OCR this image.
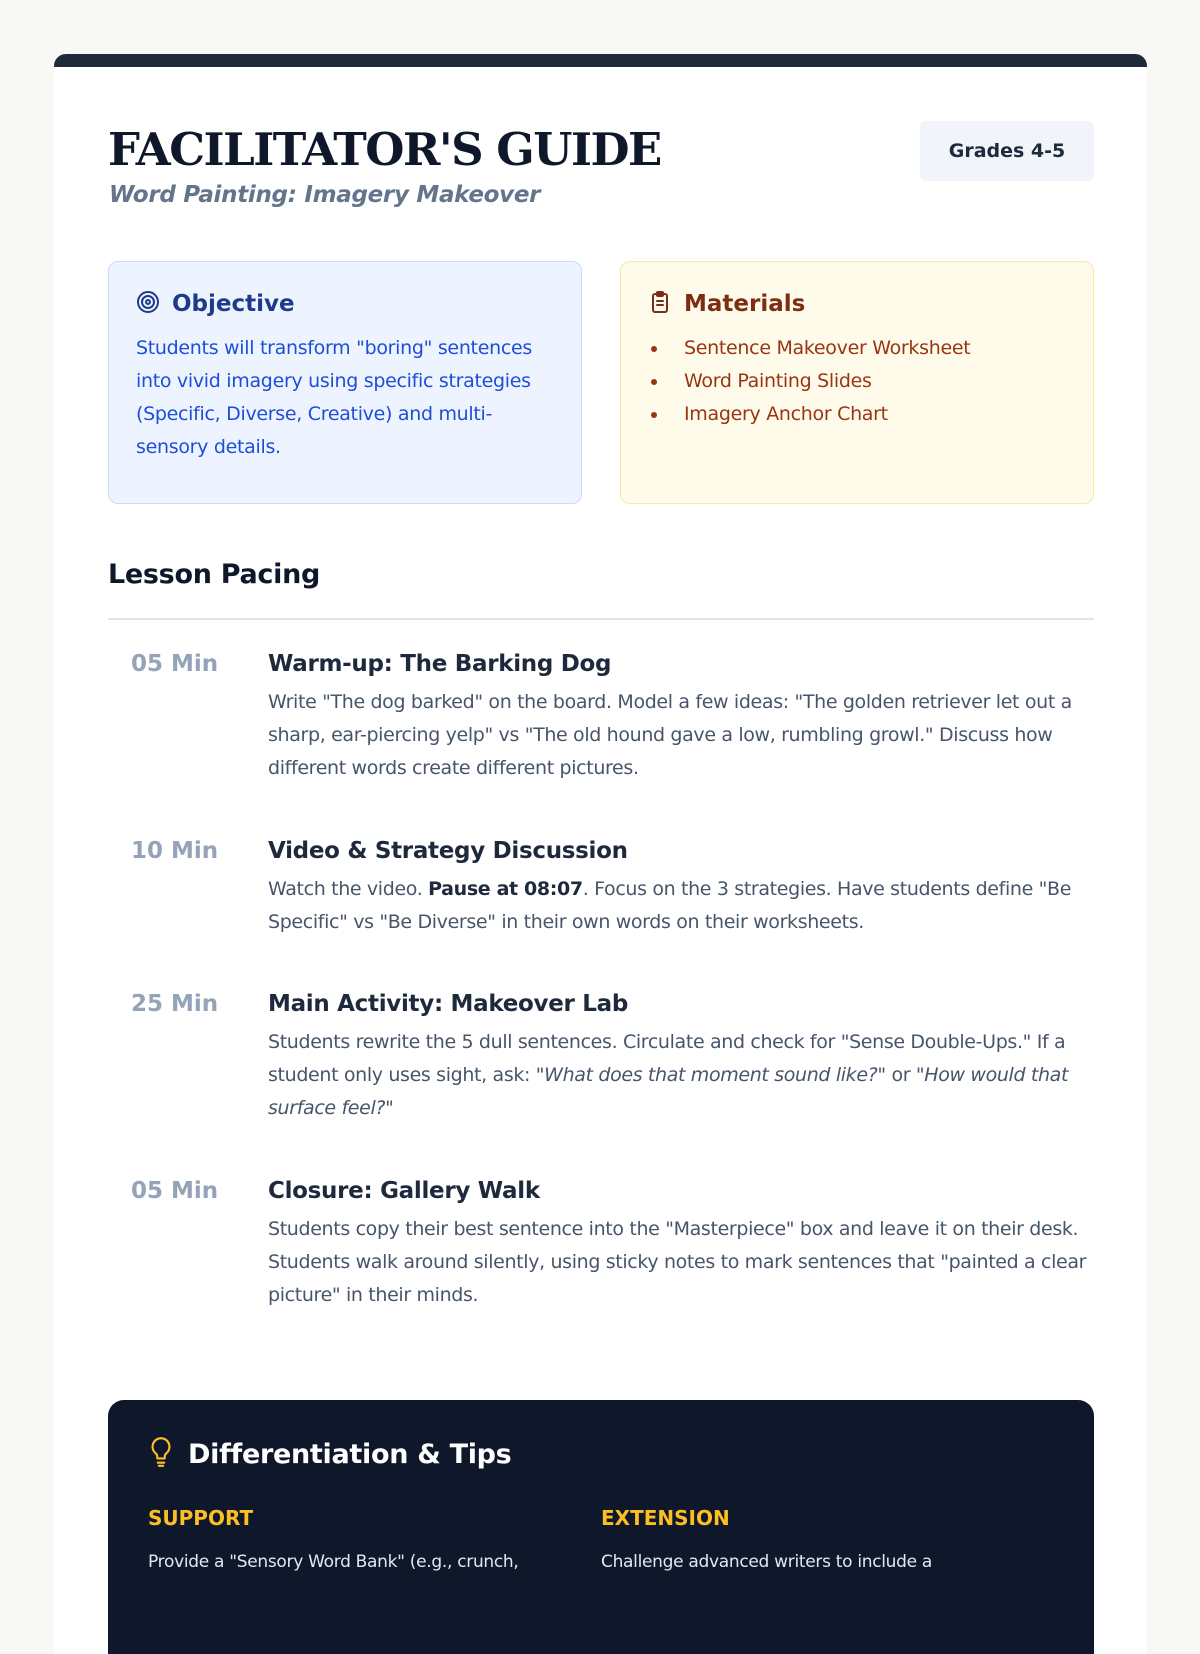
FACILITATOR'S GUIDE
Word Painting: Imagery Makeover
Grades 4-5
Objective

Students will transform "boring" sentences into vivid imagery using specific strategies (Specific, Diverse, Creative) and multi-sensory details.

Materials
Sentence Makeover Worksheet
Word Painting Slides
Imagery Anchor Chart
Lesson Pacing
05 Min Warm-up: The Barking Dog

Write "The dog barked" on the board. Model a few ideas: "The golden retriever let out a sharp, ear-piercing yelp" vs "The old hound gave a low, rumbling growl." Discuss how different words create different pictures.

10 Min Video & Strategy Discussion

Watch the video. Pause at 08:07. Focus on the 3 strategies. Have students define "Be Specific" vs "Be Diverse" in their own words on their worksheets.

25 Min Main Activity: Makeover Lab

Students rewrite the 5 dull sentences. Circulate and check for "Sense Double-Ups." If a student only uses sight, ask: "What does that moment sound like?" or "How would that surface feel?"

05 Min Closure: Gallery Walk

Students copy their best sentence into the "Masterpiece" box and leave it on their desk. Students walk around silently, using sticky notes to mark sentences that "painted a clear picture" in their minds.

Differentiation & Tips
SUPPORT

Provide a "Sensory Word Bank" (e.g., crunch,

EXTENSION

Challenge advanced writers to include a
